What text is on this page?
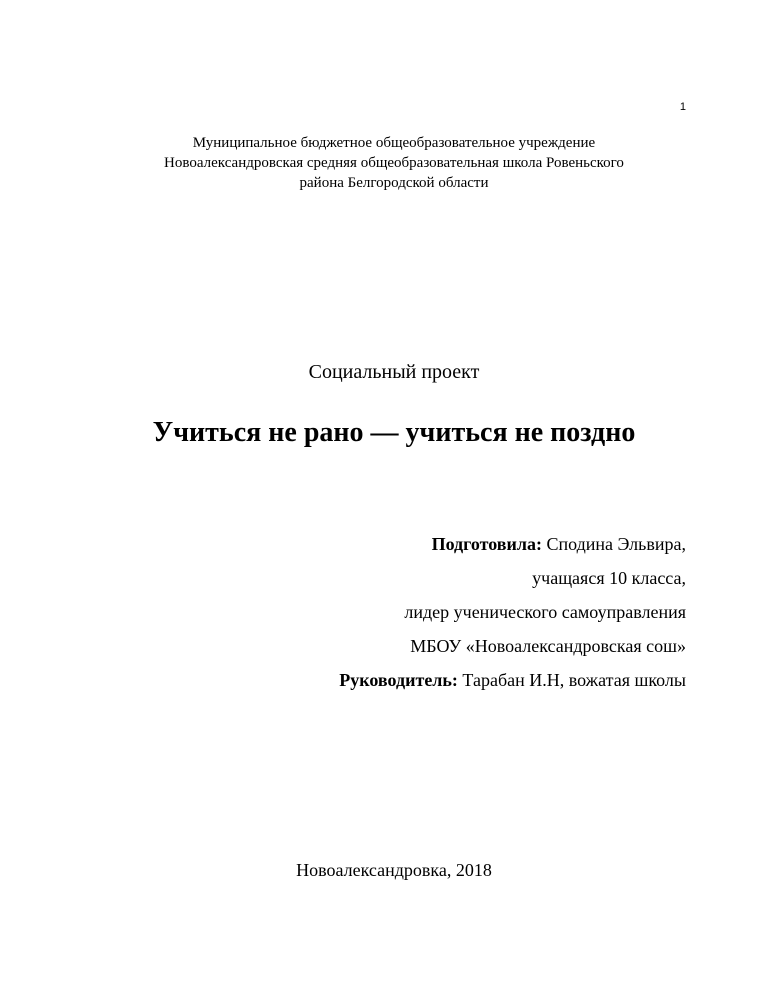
1
Муниципальное бюджетное общеобразовательное учреждение
Новоалександровская средняя общеобразовательная школа Ровеньского
района Белгородской области
Социальный проект
Учиться не рано — учиться не поздно
Подготовила: Сподина Эльвира,
учащаяся 10 класса,
лидер ученического самоуправления
МБОУ «Новоалександровская сош»
Руководитель: Тарабан И.Н, вожатая школы
Новоалександровка, 2018
